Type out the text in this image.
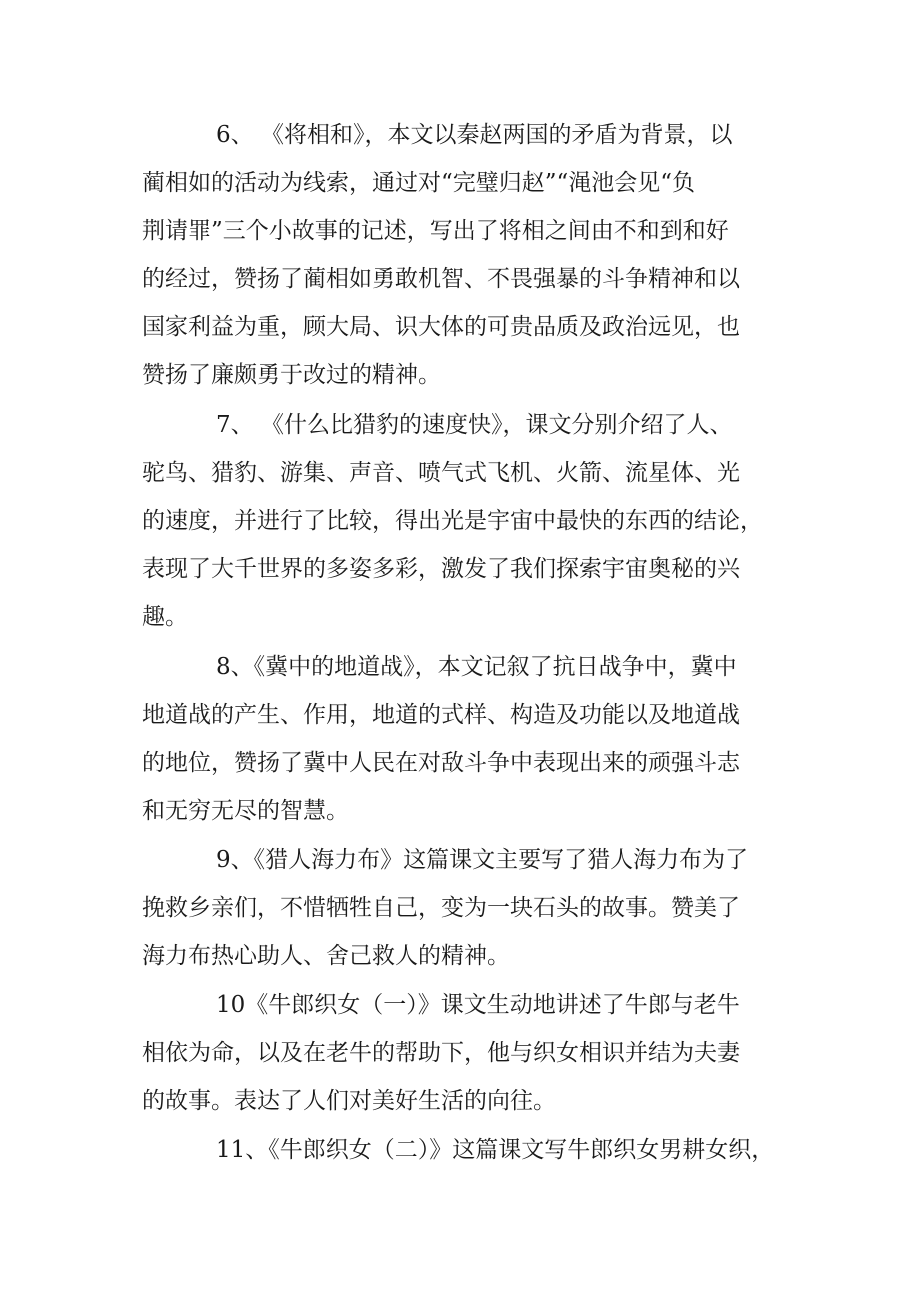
6、 《将相和》，本文以秦赵两国的矛盾为背景，以
蔺相如的活动为线索，通过对“完璧归赵”“渑池会见“负
荆请罪”三个小故事的记述，写出了将相之间由不和到和好
的经过，赞扬了蔺相如勇敢机智、不畏强暴的斗争精神和以
国家利益为重，顾大局、识大体的可贵品质及政治远见，也
赞扬了廉颇勇于改过的精神。
7、 《什么比猎豹的速度快》，课文分别介绍了人、
驼鸟、猎豹、游集、声音、喷气式飞机、火箭、流星体、光
的速度，并进行了比较，得出光是宇宙中最快的东西的结论，
表现了大千世界的多姿多彩，激发了我们探索宇宙奥秘的兴
趣。
8、《冀中的地道战》，本文记叙了抗日战争中，冀中
地道战的产生、作用，地道的式样、构造及功能以及地道战
的地位，赞扬了冀中人民在对敌斗争中表现出来的顽强斗志
和无穷无尽的智慧。
9、《猎人海力布》这篇课文主要写了猎人海力布为了
挽救乡亲们，不惜牺牲自己，变为一块石头的故事。赞美了
海力布热心助人、舍己救人的精神。
10《牛郎织女（一）》课文生动地讲述了牛郎与老牛
相依为命，以及在老牛的帮助下，他与织女相识并结为夫妻
的故事。表达了人们对美好生活的向往。
11、《牛郎织女（二）》这篇课文写牛郎织女男耕女织，
